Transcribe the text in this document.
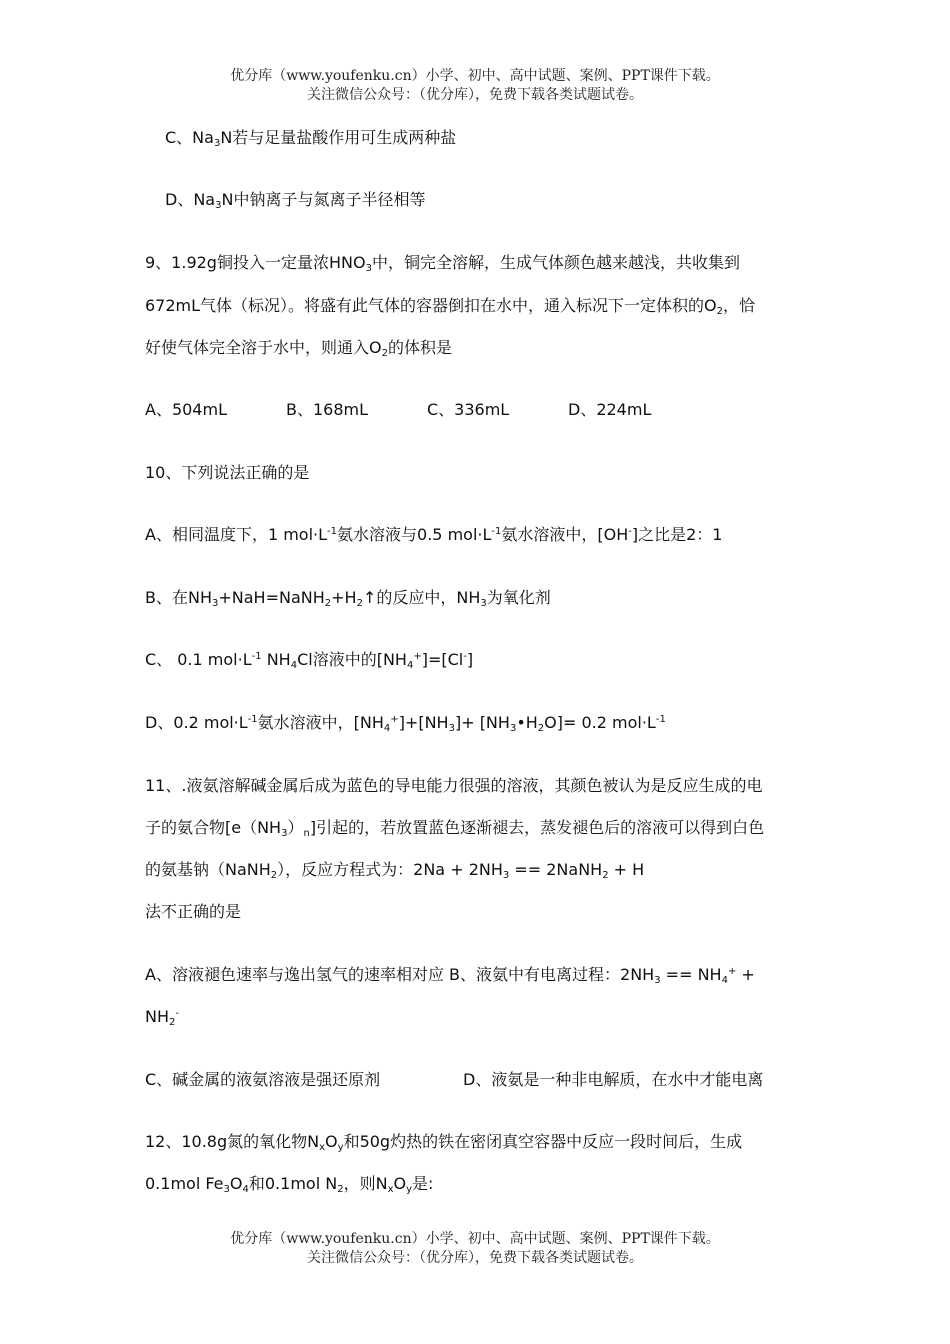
优分库（www.youfenku.cn）小学、初中、高中试题、案例、PPT课件下载。
关注微信公众号：（优分库），免费下载各类试题试卷。
C、$Na_3N$若与足量盐酸作用可生成两种盐
D、$Na_3N$中钠离子与氮离子半径相等
9、1.92g铜投入一定量浓$HNO_3$中，铜完全溶解，生成气体颜色越来越浅，共收集到
672mL气体（标况）。将盛有此气体的容器倒扣在水中，通入标况下一定体积的$O_2$，恰
好使气体完全溶于水中，则通入$O_2$的体积是
A、504mL	B、168mL	C、336mL	D、224mL
10、下列说法正确的是
A、相同温度下，1 $mol\cdot L^{-1}$氨水溶液与0.5 $mol\cdot L^{-1}$氨水溶液中，[OH-]之比是2：1
B、在$NH_3+NaH=NaNH_2+H_2↑$的反应中，$NH_3$为氧化剂
C、 0.1 $mol\cdot L^{-1}$ $NH_4Cl$溶液中的$[NH_4^+]=[Cl^-]$
D、0.2 $mol\cdot L^{-1}$氨水溶液中，$[NH_4^+]+[NH_3]+$ $[NH_3•H_2O]= 0.2$ $mol\cdot L^{-1}$
11、.液氨溶解碱金属后成为蓝色的导电能力很强的溶液，其颜色被认为是反应生成的电
子的氨合物$[e(NH_3)_n]$引起的，若放置蓝色逐渐褪去，蒸发褪色后的溶液可以得到白色
的氨基钠（NaNH$_2$），反应方程式为：$2Na + 2NH_3$ == 2NaNH$_2$ + H
法不正确的是
A、溶液褪色速率与逸出氢气的速率相对应 B、液氨中有电离过程：$2NH_3 == NH_4^+$ +
$NH_2^-$
C、碱金属的液氨溶液是强还原剂	D、液氨是一种非电解质，在水中才能电离
12、10.8g氮的氧化物$N_xO_y$和50g灼热的铁在密闭真空容器中反应一段时间后，生成
0.1mol $Fe_3O_4$和0.1mol $N_2$，则$N_xO_y$是:
优分库（www.youfenku.cn）小学、初中、高中试题、案例、PPT课件下载。
关注微信公众号：（优分库），免费下载各类试题试卷。
